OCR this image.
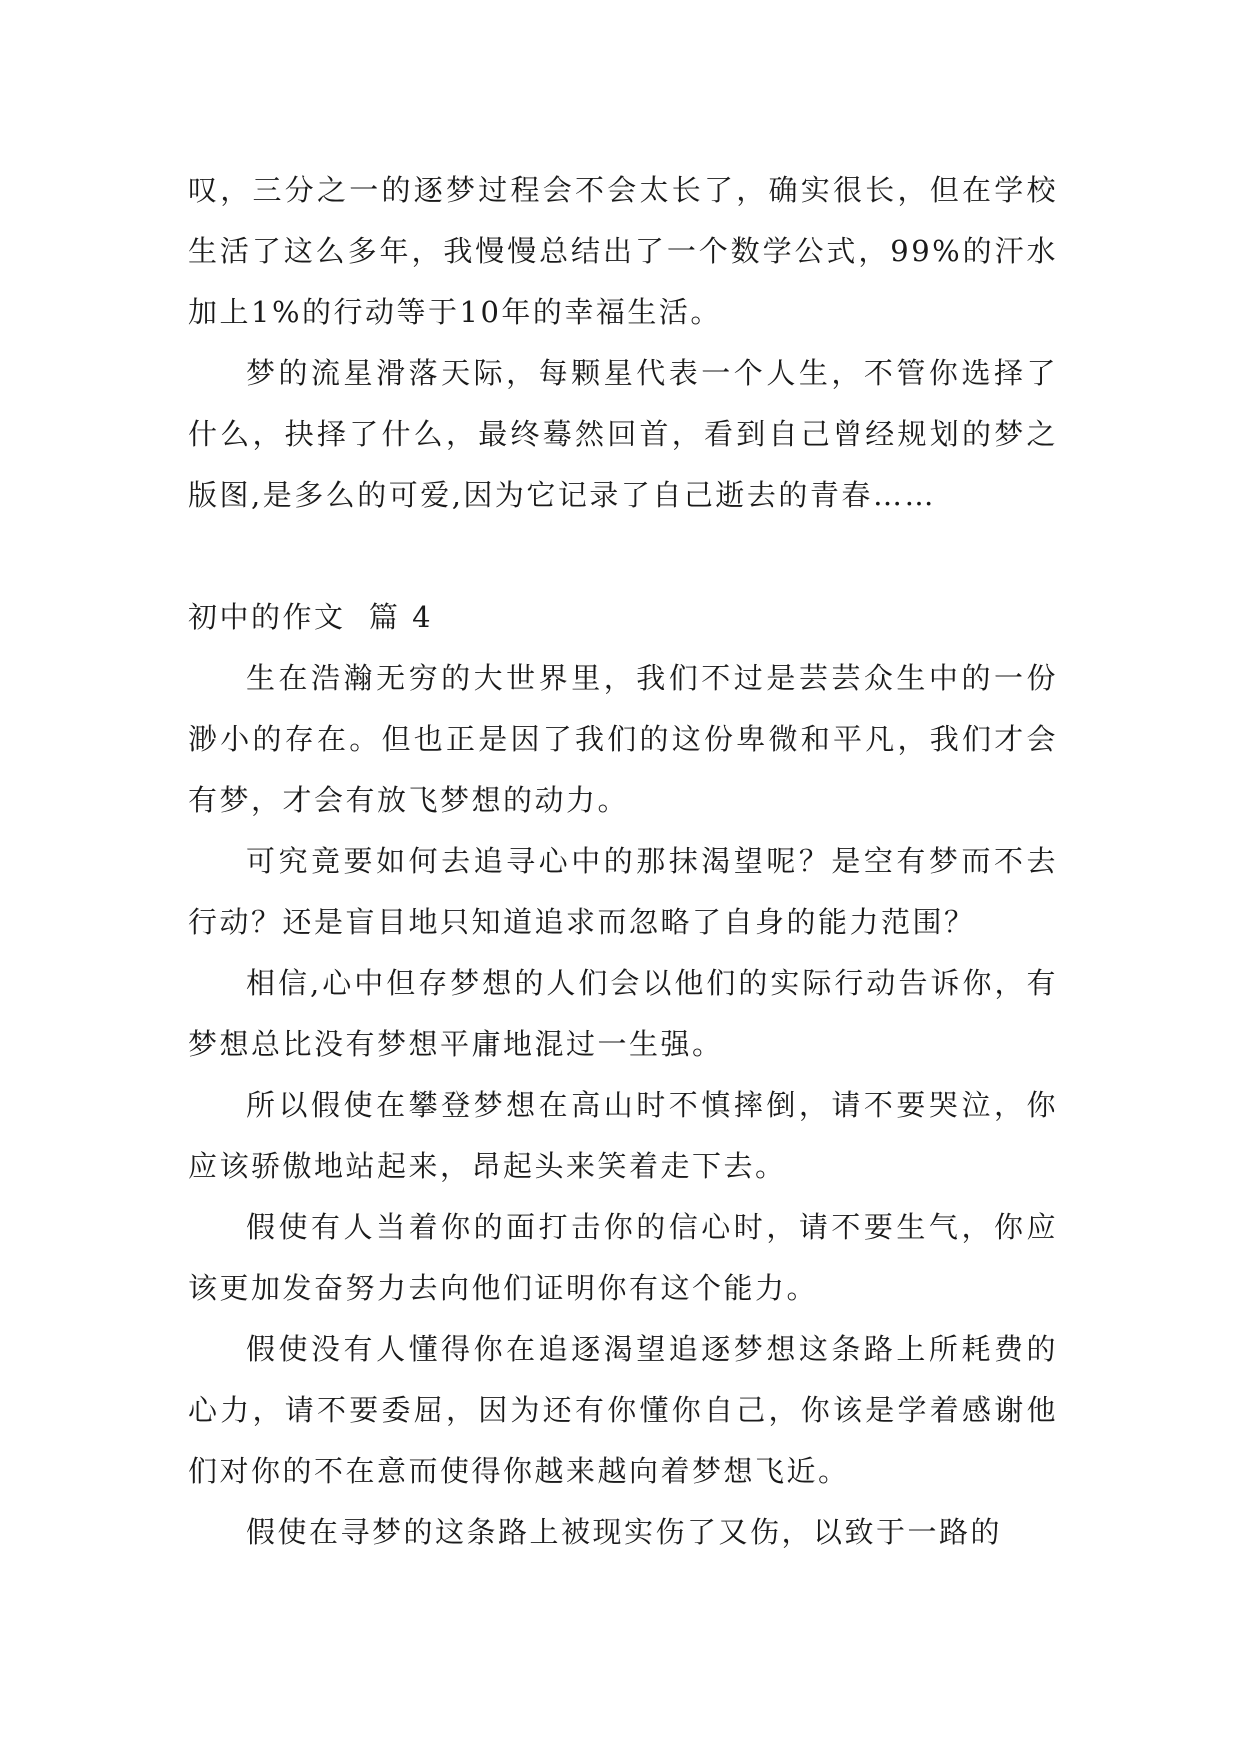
叹，三分之一的逐梦过程会不会太长了，确实很长，但在学校生活了这么多年，我慢慢总结出了一个数学公式，99%的汗水加上1%的行动等于10年的幸福生活。

梦的流星滑落天际，每颗星代表一个人生，不管你选择了什么，抉择了什么，最终蓦然回首，看到自己曾经规划的梦之版图,是多么的可爱,因为它记录了自己逝去的青春……

初中的作文  篇 4

生在浩瀚无穷的大世界里，我们不过是芸芸众生中的一份渺小的存在。但也正是因了我们的这份卑微和平凡，我们才会有梦，才会有放飞梦想的动力。

可究竟要如何去追寻心中的那抹渴望呢？是空有梦而不去行动？还是盲目地只知道追求而忽略了自身的能力范围？

相信,心中但存梦想的人们会以他们的实际行动告诉你，有梦想总比没有梦想平庸地混过一生强。

所以假使在攀登梦想在高山时不慎摔倒，请不要哭泣，你应该骄傲地站起来，昂起头来笑着走下去。

假使有人当着你的面打击你的信心时，请不要生气，你应该更加发奋努力去向他们证明你有这个能力。

假使没有人懂得你在追逐渴望追逐梦想这条路上所耗费的心力，请不要委屈，因为还有你懂你自己，你该是学着感谢他们对你的不在意而使得你越来越向着梦想飞近。

假使在寻梦的这条路上被现实伤了又伤，以致于一路的
